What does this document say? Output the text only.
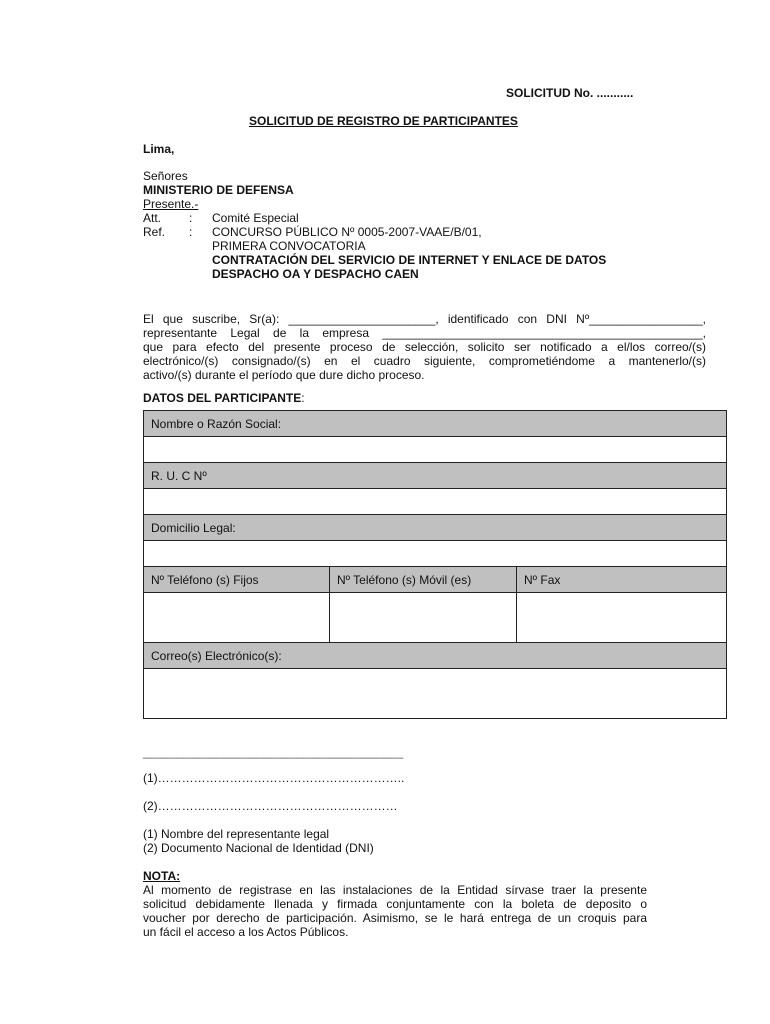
SOLICITUD No. ...........
SOLICITUD DE REGISTRO DE PARTICIPANTES
Lima,
Señores
MINISTERIO DE DEFENSA
Presente.-
Att. : Comité Especial
Ref. : CONCURSO PÚBLICO Nº 0005-2007-VAAE/B/01,
PRIMERA CONVOCATORIA
CONTRATACIÓN DEL SERVICIO DE INTERNET Y ENLACE DE DATOS
DESPACHO OA Y DESPACHO CAEN
El que suscribe, Sr(a): ______________________, identificado con DNI Nº_________________,
representante Legal de la empresa ________________________________________________,
que para efecto del presente proceso de selección, solicito ser notificado a el/los correo/(s)
electrónico/(s) consignado/(s) en el cuadro siguiente, comprometiéndome a mantenerlo/(s)
activo/(s) durante el período que dure dicho proceso.
DATOS DEL PARTICIPANTE:
Nombre o Razón Social:		

R. U. C Nº		

Domicilio Legal:		

Nº Teléfono (s) Fijos	Nº Teléfono (s) Móvil (es)	Nº Fax

Correo(s) Electrónico(s):		

_______________________________________
(1)……………………………………………………..
(2)……………………………………………………
(1) Nombre del representante legal
(2) Documento Nacional de Identidad (DNI)
NOTA:
Al momento de registrase en las instalaciones de la Entidad sírvase traer la presente
solicitud debidamente llenada y firmada conjuntamente con la boleta de deposito o
voucher por derecho de participación. Asimismo, se le hará entrega de un croquis para
un fácil el acceso a los Actos Públicos.
